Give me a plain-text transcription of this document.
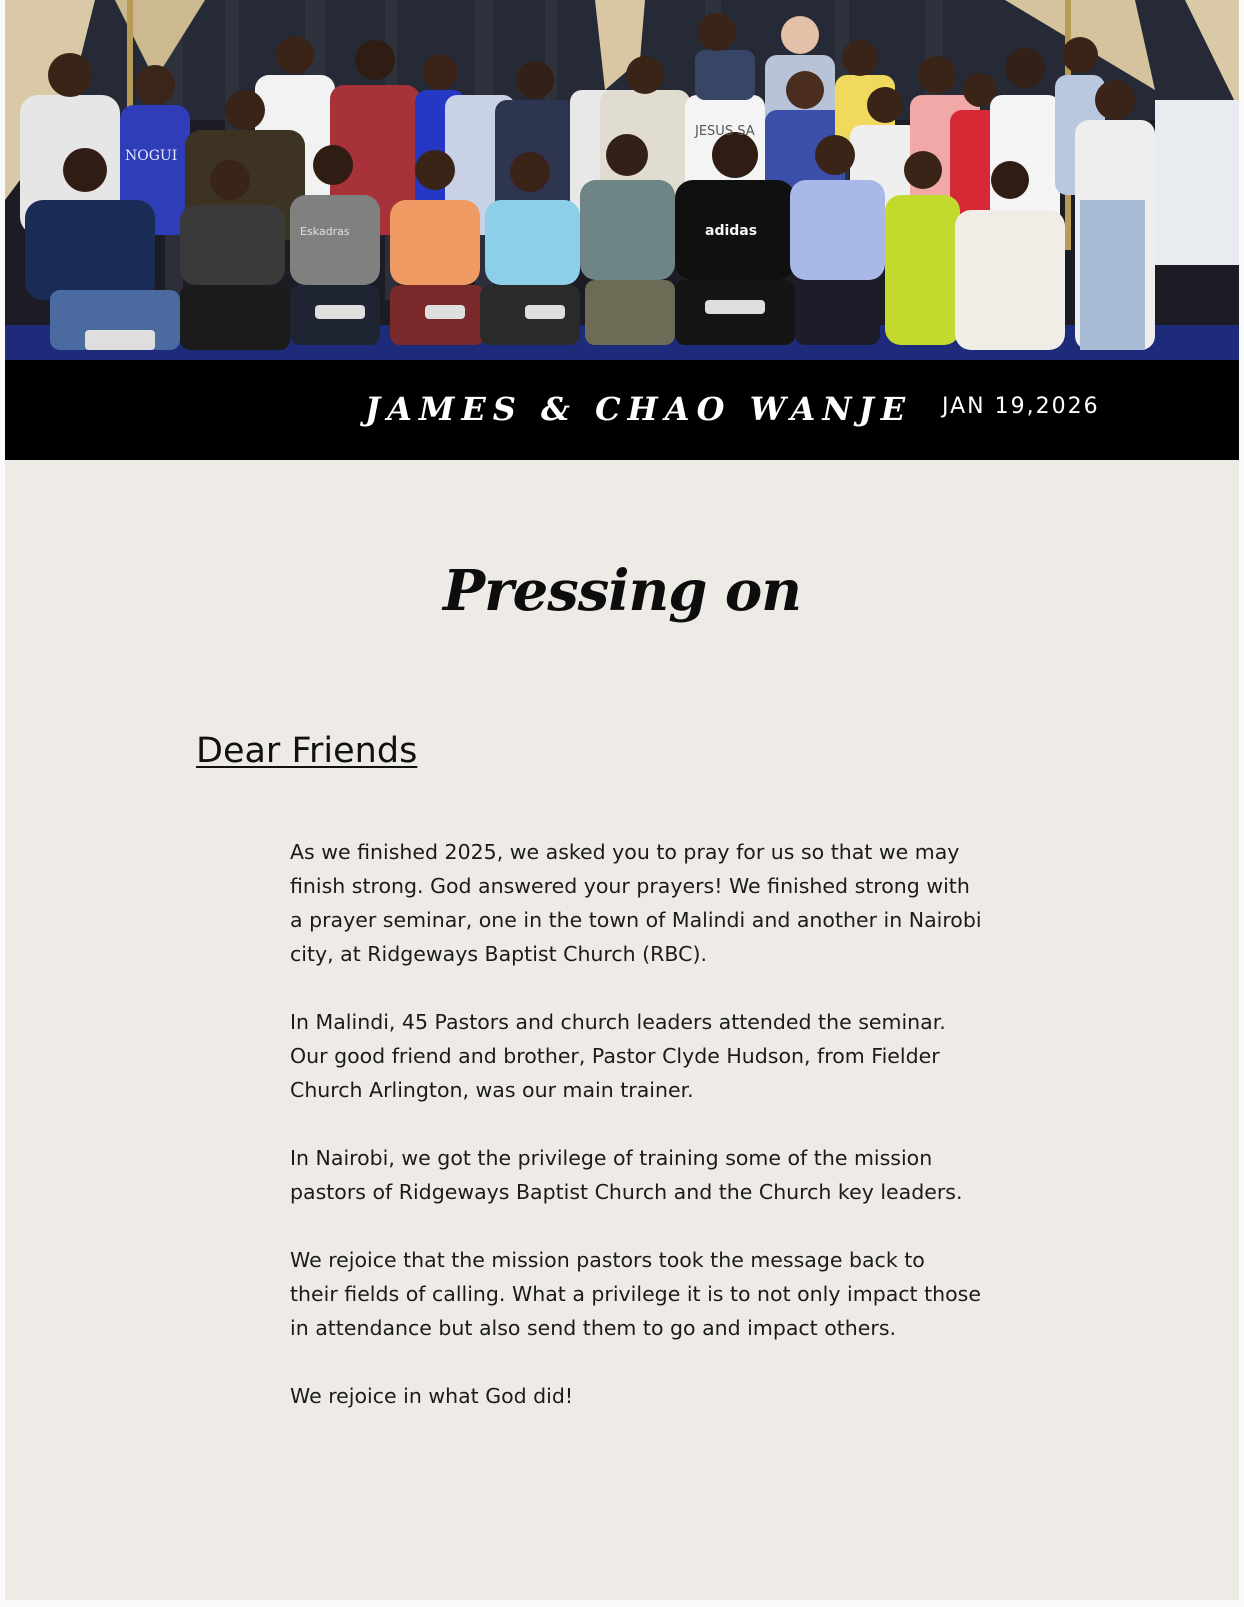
NOGUI
JESUS SA
adidas
Eskadras
JAMES & CHAO WANJE JAN 19,2026
Pressing on
Dear Friends

As we finished 2025, we asked you to pray for us so that we may
finish strong. God answered your prayers! We finished strong with
a prayer seminar, one in the town of Malindi and another in Nairobi
city, at Ridgeways Baptist Church (RBC).

In Malindi, 45 Pastors and church leaders attended the seminar.
Our good friend and brother, Pastor Clyde Hudson, from Fielder
Church Arlington, was our main trainer.

In Nairobi, we got the privilege of training some of the mission
pastors of Ridgeways Baptist Church and the Church key leaders.

We rejoice that the mission pastors took the message back to
their fields of calling. What a privilege it is to not only impact those
in attendance but also send them to go and impact others.

We rejoice in what God did!
